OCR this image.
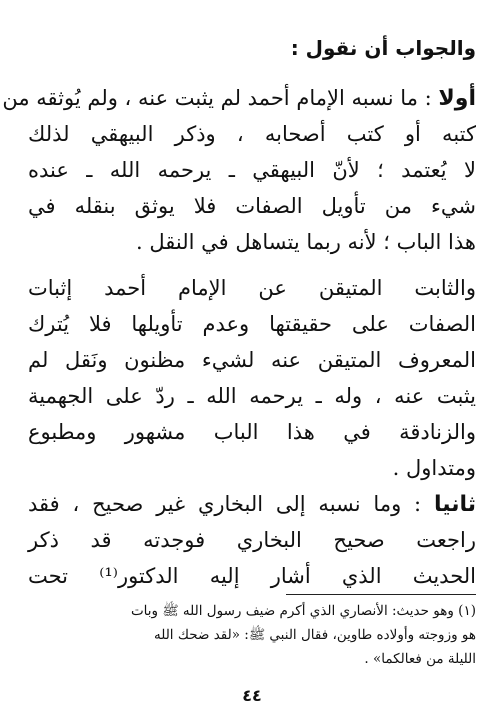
والجواب أن نقول :
أولا : ما نسبه الإمام أحمد لم يثبت عنه ، ولم يُوثقه من
كتبه أو كتب أصحابه ، وذكر البيهقي لذلك
لا يُعتمد ؛ لأنّ البيهقي ـ يرحمه الله ـ عنده
شيء من تأويل الصفات فلا يوثق بنقله في
هذا الباب ؛ لأنه ربما يتساهل في النقل .
والثابت المتيقن عن الإمام أحمد إثبات
الصفات على حقيقتها وعدم تأويلها فلا يُترك
المعروف المتيقن عنه لشيء مظنون ونَقل لم
يثبت عنه ، وله ـ يرحمه الله ـ ردّ على الجهمية
والزنادقة في هذا الباب مشهور ومطبوع
ومتداول .
ثانيا : وما نسبه إلى البخاري غير صحيح ، فقد
راجعت صحيح البخاري فوجدته قد ذكر
الحديث الذي أشار إليه الدكتور⁽¹⁾ تحت
(١) وهو حديث: الأنصاري الذي أكرم ضيف رسول الله ﷺ وبات
هو وزوجته وأولاده طاوين، فقال النبي ﷺ: «لقد ضحك الله
الليلة من فعالكما» .
٤٤
